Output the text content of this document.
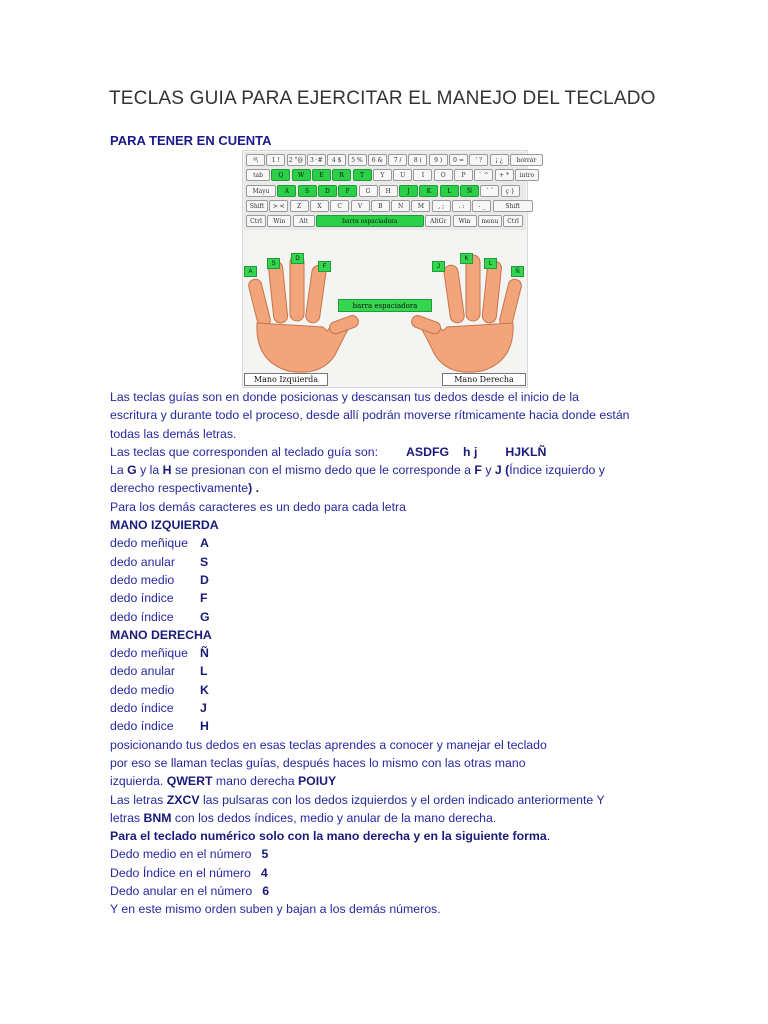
TECLAS GUIA PARA EJERCITAR EL MANEJO DEL TECLADO
PARA TENER EN CUENTA
º\	1 !	2 "@	3 ·#	4 $	5 %	6 &	7 /	8 (	9 )	0 =	' ?	¡ ¿	borrar
tab	Q	W	E	R	T	Y	U	I	O	P	` ^	+ *	intro
Mayu	A	S	D	F	G	H	J	K	L	Ñ	´ ¨	ç }
Shift	> <	Z	X	C	V	B	N	M	, ;	. :	- _	Shift
Ctrl	Win	Alt	barra espaciadora	AltGr	Win	menu	Ctrl
A
S
D
F	J
K
L
Ñ
barra espaciadora
Mano Izquierda	Mano Derecha
Las teclas guías son en donde posicionas y descansan tus dedos desde el inicio de la
escritura y durante todo el proceso, desde allí podrán moverse rítmicamente hacia donde están
todas las demás letras.
Las teclas que corresponden al teclado guía son: ASDFG h j HJKLÑ
La G y la H se presionan con el mismo dedo que le corresponde a F y J (Índice izquierdo y
derecho respectivamente) .
Para los demás caracteres es un dedo para cada letra
MANO IZQUIERDA
dedo meñique A
dedo anular S
dedo medio D
dedo índice F
dedo índice G
MANO DERECHA
dedo meñique Ñ
dedo anular L
dedo medio K
dedo índice J
dedo índice H
posicionando tus dedos en esas teclas aprendes a conocer y manejar el teclado
por eso se llaman teclas guías, después haces lo mismo con las otras mano
izquierda. QWERT mano derecha POIUY
Las letras ZXCV las pulsaras con los dedos izquierdos y el orden indicado anteriormente Y
letras BNM con los dedos índices, medio y anular de la mano derecha.
Para el teclado numérico solo con la mano derecha y en la siguiente forma.
Dedo medio en el número 5
Dedo Índice en el número 4
Dedo anular en el número 6
Y en este mismo orden suben y bajan a los demás números.
